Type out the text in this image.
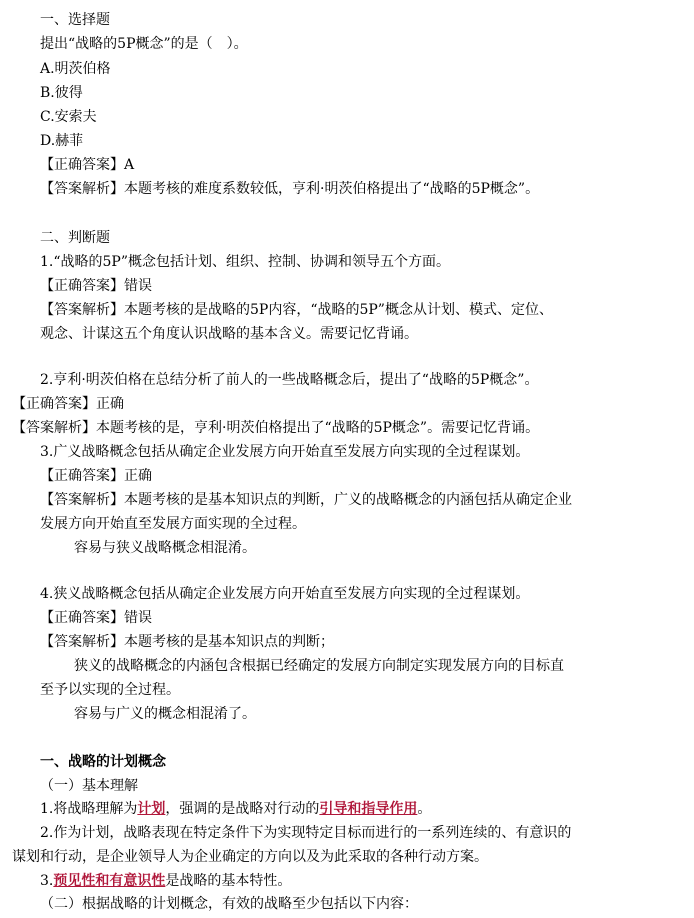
一、选择题
提出“战略的5P概念”的是（　）。
A.明茨伯格
B.彼得
C.安索夫
D.赫菲
【正确答案】A
【答案解析】本题考核的难度系数较低，亨利·明茨伯格提出了“战略的5P概念”。
二、判断题
1.“战略的5P”概念包括计划、组织、控制、协调和领导五个方面。
【正确答案】错误
【答案解析】本题考核的是战略的5P内容，“战略的5P”概念从计划、模式、定位、
观念、计谋这五个角度认识战略的基本含义。需要记忆背诵。
2.亨利·明茨伯格在总结分析了前人的一些战略概念后，提出了“战略的5P概念”。
【正确答案】正确
【答案解析】本题考核的是，亨利·明茨伯格提出了“战略的5P概念”。需要记忆背诵。
3.广义战略概念包括从确定企业发展方向开始直至发展方向实现的全过程谋划。
【正确答案】正确
【答案解析】本题考核的是基本知识点的判断，广义的战略概念的内涵包括从确定企业
发展方向开始直至发展方面实现的全过程。
容易与狭义战略概念相混淆。
4.狭义战略概念包括从确定企业发展方向开始直至发展方向实现的全过程谋划。
【正确答案】错误
【答案解析】本题考核的是基本知识点的判断；
狭义的战略概念的内涵包含根据已经确定的发展方向制定实现发展方向的目标直
至予以实现的全过程。
容易与广义的概念相混淆了。
一、战略的计划概念
（一）基本理解
1.将战略理解为计划，强调的是战略对行动的引导和指导作用。
2.作为计划，战略表现在特定条件下为实现特定目标而进行的一系列连续的、有意识的
谋划和行动，是企业领导人为企业确定的方向以及为此采取的各种行动方案。
3.预见性和有意识性是战略的基本特性。
（二）根据战略的计划概念，有效的战略至少包括以下内容：
